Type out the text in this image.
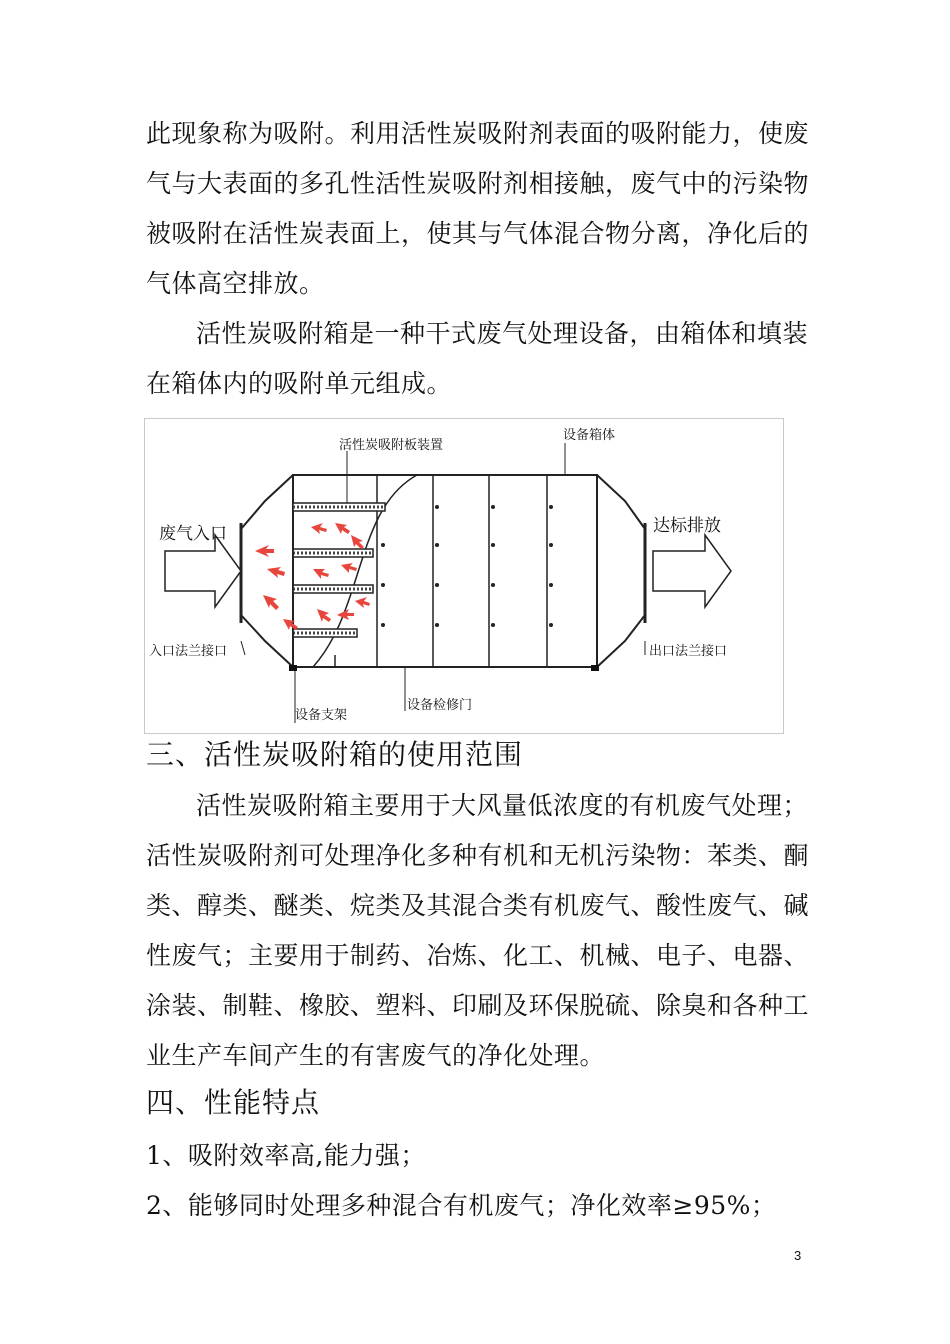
此现象称为吸附。利用活性炭吸附剂表面的吸附能力，使废
气与大表面的多孔性活性炭吸附剂相接触，废气中的污染物
被吸附在活性炭表面上，使其与气体混合物分离，净化后的
气体高空排放。
活性炭吸附箱是一种干式废气处理设备，由箱体和填装
在箱体内的吸附单元组成。
活性炭吸附板装置
设备箱体
废气入口	达标排放
入口法兰接口	出口法兰接口
设备支架
设备检修门
三、活性炭吸附箱的使用范围
活性炭吸附箱主要用于大风量低浓度的有机废气处理；
活性炭吸附剂可处理净化多种有机和无机污染物：苯类、酮
类、醇类、醚类、烷类及其混合类有机废气、酸性废气、碱
性废气；主要用于制药、冶炼、化工、机械、电子、电器、
涂装、制鞋、橡胶、塑料、印刷及环保脱硫、除臭和各种工
业生产车间产生的有害废气的净化处理。
四、性能特点
1、吸附效率高,能力强；
2、能够同时处理多种混合有机废气；净化效率≥95%；
3
